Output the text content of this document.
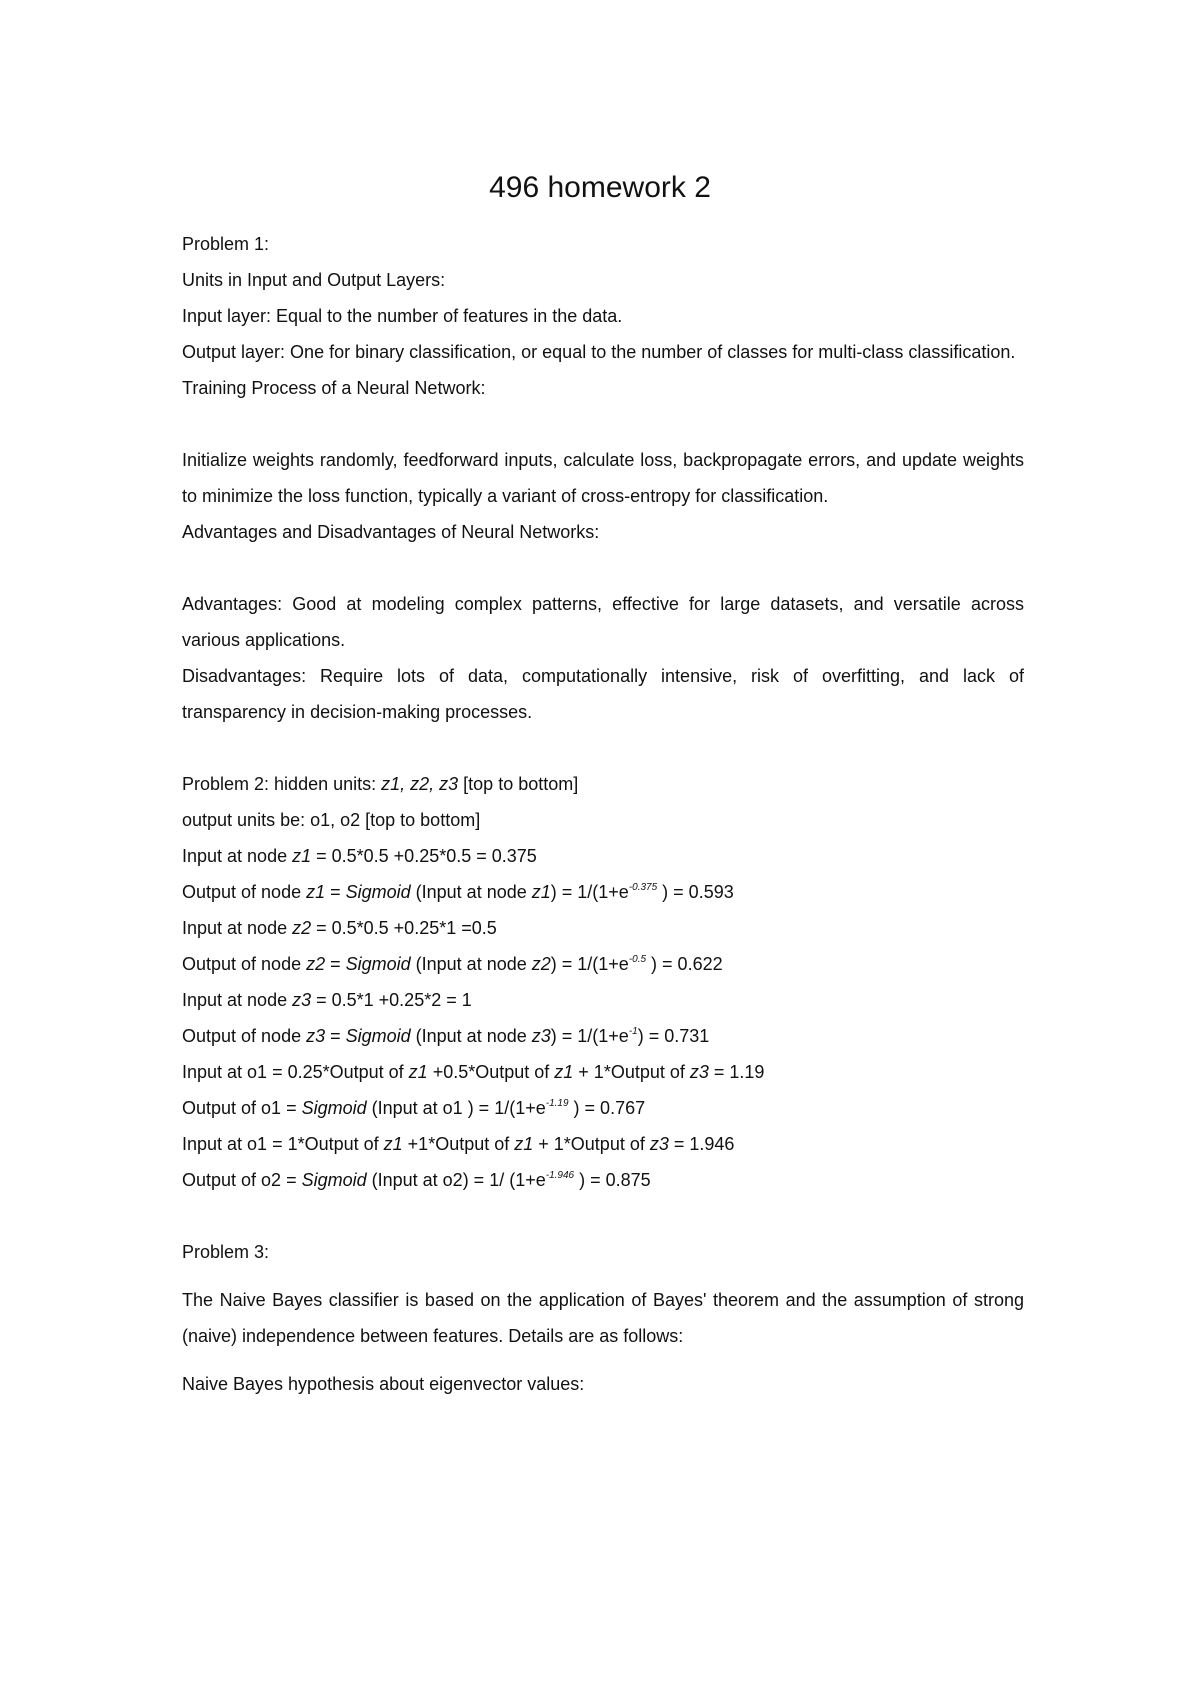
496 homework 2

Problem 1:

Units in Input and Output Layers:

Input layer: Equal to the number of features in the data.

Output layer: One for binary classification, or equal to the number of classes for multi-class classification.

Training Process of a Neural Network:

Initialize weights randomly, feedforward inputs, calculate loss, backpropagate errors, and update weights to minimize the loss function, typically a variant of cross-entropy for classification.

Advantages and Disadvantages of Neural Networks:

Advantages: Good at modeling complex patterns, effective for large datasets, and versatile across various applications.

Disadvantages: Require lots of data, computationally intensive, risk of overfitting, and lack of transparency in decision-making processes.

Problem 2: hidden units: z1, z2, z3 [top to bottom]

output units be: o1, o2 [top to bottom]

Input at node z1 = 0.5*0.5 +0.25*0.5 = 0.375

Output of node z1 = Sigmoid (Input at node $z1) = 1/(1+e^{-0.375}$ ) = 0.593

Input at node z2 = 0.5*0.5 +0.25*1 =0.5

Output of node z2 = Sigmoid (Input at node $z2) = 1/(1+e^{-0.5}$ ) = 0.622

Input at node z3 = 0.5*1 +0.25*2 = 1

Output of node z3 = Sigmoid (Input at node $z3) = 1/(1+e^{-1}) = 0.731$

Input at o1 = 0.25*Output of z1 +0.5*Output of z1 + 1*Output of z3 = 1.19

Output of o1 = Sigmoid (Input at o1 ) = $1/(1+e^{-1.19}$ ) = 0.767

Input at o1 = 1*Output of z1 +1*Output of z1 + 1*Output of z3 = 1.946

Output of o2 = Sigmoid (Input at o2) = 1/ ($1+e^{-1.946}$ ) = 0.875

Problem 3:

The Naive Bayes classifier is based on the application of Bayes' theorem and the assumption of strong (naive) independence between features. Details are as follows:

Naive Bayes hypothesis about eigenvector values:
